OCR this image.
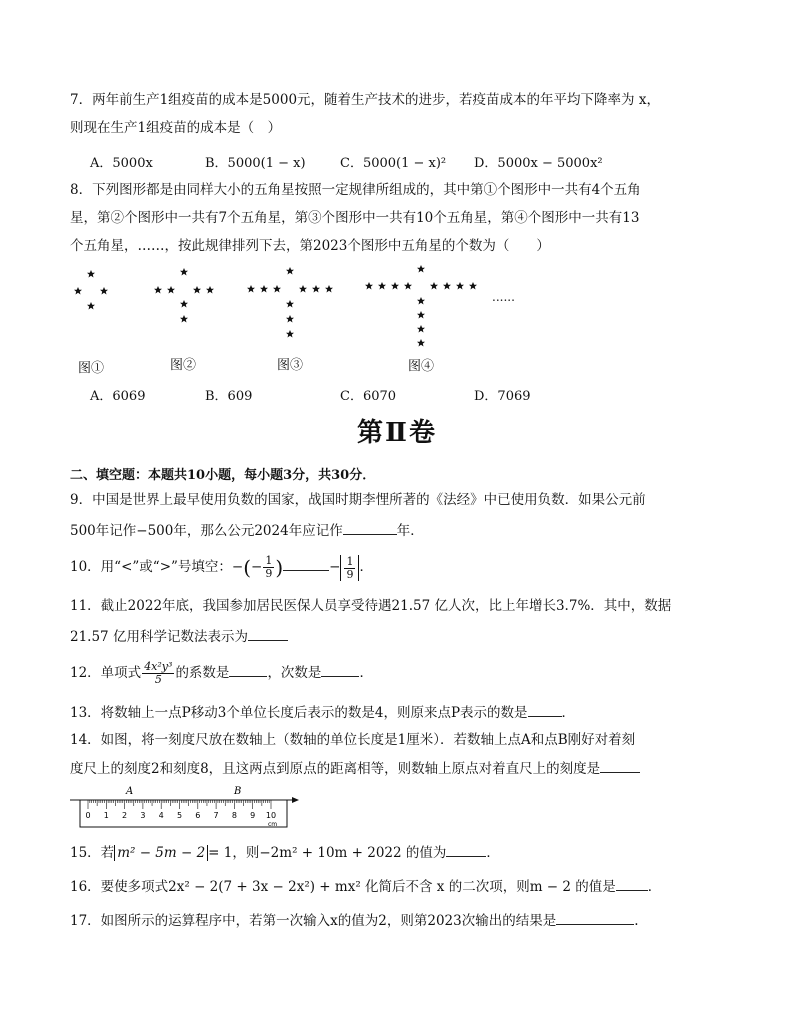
7．两年前生产1组疫苗的成本是5000元，随着生产技术的进步，若疫苗成本的年平均下降率为 x，
则现在生产1组疫苗的成本是（　）
A．5000x	B．5000(1 − x)	C．5000(1 − x)² D．5000x − 5000x²
8．下列图形都是由同样大小的五角星按照一定规律所组成的，其中第①个图形中一共有4个五角
星，第②个图形中一共有7个五角星，第③个图形中一共有10个五角星，第④个图形中一共有13
个五角星，……，按此规律排列下去，第2023个图形中五角星的个数为（　　）
......
图①	图②	图③	图④
A．6069	B．609	C．6070	D．7069
第Ⅱ卷
二、填空题：本题共10小题，每小题3分，共30分．
9．中国是世界上最早使用负数的国家，战国时期李悝所著的《法经》中已使用负数．如果公元前
500年记作−500年，那么公元2024年应记作	年．
10．用“<”或“>”号填空：−(− $\frac{1}{9}$ )	− $\frac{1}{9}$ ．
11．截止2022年底，我国参加居民医保人员享受待遇21.57 亿人次，比上年增长3.7%．其中，数据
21.57 亿用科学记数法表示为
12．单项式 $\frac{\text{4x²y³}}{5}$ 的系数是	，次数是	．
13．将数轴上一点P移动3个单位长度后表示的数是4，则原来点P表示的数是	．
14．如图，将一刻度尺放在数轴上（数轴的单位长度是1厘米）．若数轴上点A和点B刚好对着刻
度尺上的刻度2和刻度8，且这两点到原点的距离相等，则数轴上原点对着直尺上的刻度是
A	B
0 1 2 3 4 5 6 7 8 9 10
cm
15．若 m² − 5m − 2 = 1，则−2m² + 10m + 2022 的值为	．
16．要使多项式2x² − 2(7 + 3x − 2x²) + mx² 化简后不含 x 的二次项，则m − 2 的值是 ．
17．如图所示的运算程序中，若第一次输入x的值为2，则第2023次输出的结果是	.
